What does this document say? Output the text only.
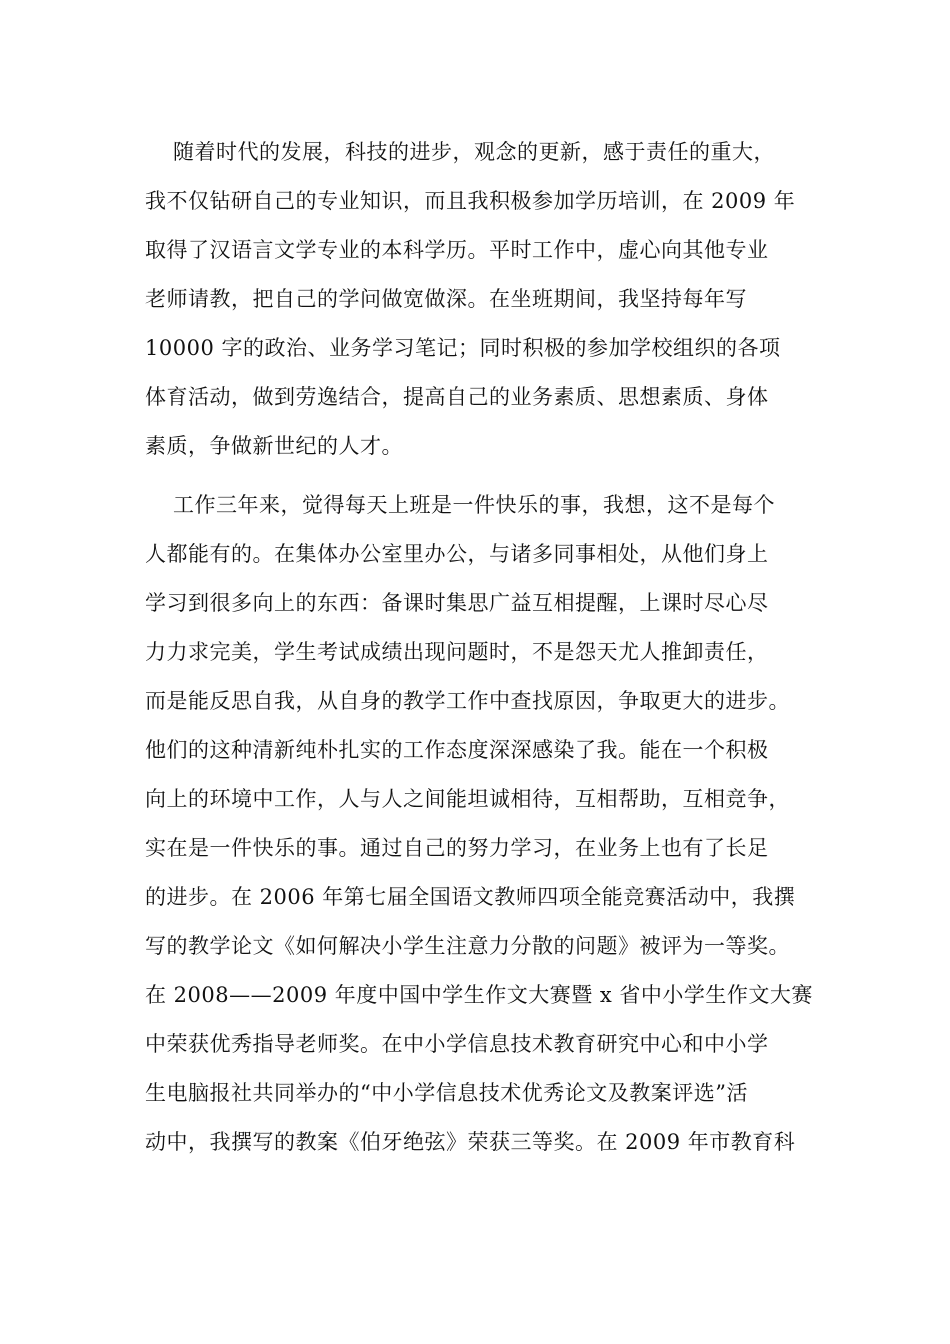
随着时代的发展，科技的进步，观念的更新，感于责任的重大，
我不仅钻研自己的专业知识，而且我积极参加学历培训，在 2009 年
取得了汉语言文学专业的本科学历。平时工作中，虚心向其他专业
老师请教，把自己的学问做宽做深。在坐班期间，我坚持每年写
10000 字的政治、业务学习笔记；同时积极的参加学校组织的各项
体育活动，做到劳逸结合，提高自己的业务素质、思想素质、身体
素质，争做新世纪的人才。
工作三年来，觉得每天上班是一件快乐的事，我想，这不是每个
人都能有的。在集体办公室里办公，与诸多同事相处，从他们身上
学习到很多向上的东西：备课时集思广益互相提醒，上课时尽心尽
力力求完美，学生考试成绩出现问题时，不是怨天尤人推卸责任，
而是能反思自我，从自身的教学工作中查找原因，争取更大的进步。
他们的这种清新纯朴扎实的工作态度深深感染了我。能在一个积极
向上的环境中工作，人与人之间能坦诚相待，互相帮助，互相竞争，
实在是一件快乐的事。通过自己的努力学习，在业务上也有了长足
的进步。在 2006 年第七届全国语文教师四项全能竞赛活动中，我撰
写的教学论文《如何解决小学生注意力分散的问题》被评为一等奖。
在 2008——2009 年度中国中学生作文大赛暨 x 省中小学生作文大赛
中荣获优秀指导老师奖。在中小学信息技术教育研究中心和中小学
生电脑报社共同举办的“中小学信息技术优秀论文及教案评选”活
动中，我撰写的教案《伯牙绝弦》荣获三等奖。在 2009 年市教育科
